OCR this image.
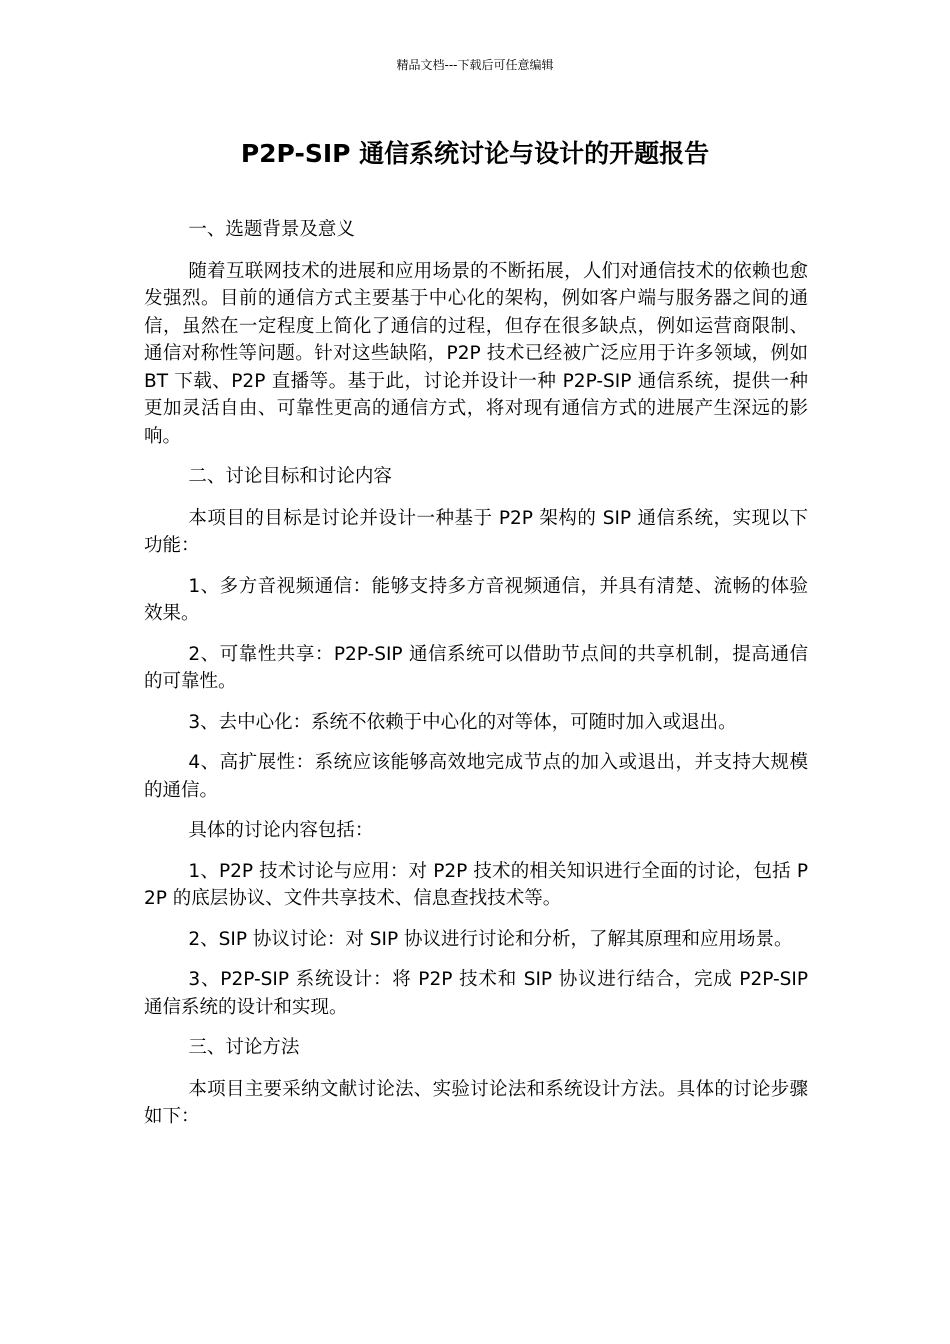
精品文档---下载后可任意编辑
P2P-SIP 通信系统讨论与设计的开题报告

一、选题背景及意义

随着互联网技术的进展和应用场景的不断拓展，人们对通信技术的依赖也愈发强烈。目前的通信方式主要基于中心化的架构，例如客户端与服务器之间的通信，虽然在一定程度上简化了通信的过程，但存在很多缺点，例如运营商限制、通信对称性等问题。针对这些缺陷，P2P 技术已经被广泛应用于许多领域，例如 BT 下载、P2P 直播等。基于此，讨论并设计一种 P2P-SIP 通信系统，提供一种更加灵活自由、可靠性更高的通信方式，将对现有通信方式的进展产生深远的影响。

二、讨论目标和讨论内容

本项目的目标是讨论并设计一种基于 P2P 架构的 SIP 通信系统，实现以下功能：

1、多方音视频通信：能够支持多方音视频通信，并具有清楚、流畅的体验效果。

2、可靠性共享：P2P-SIP 通信系统可以借助节点间的共享机制，提高通信的可靠性。

3、去中心化：系统不依赖于中心化的对等体，可随时加入或退出。

4、高扩展性：系统应该能够高效地完成节点的加入或退出，并支持大规模的通信。

具体的讨论内容包括：

1、P2P 技术讨论与应用：对 P2P 技术的相关知识进行全面的讨论，包括 P2P 的底层协议、文件共享技术、信息查找技术等。

2、SIP 协议讨论：对 SIP 协议进行讨论和分析，了解其原理和应用场景。

3、P2P-SIP 系统设计：将 P2P 技术和 SIP 协议进行结合，完成 P2P-SIP 通信系统的设计和实现。

三、讨论方法

本项目主要采纳文献讨论法、实验讨论法和系统设计方法。具体的讨论步骤如下：
